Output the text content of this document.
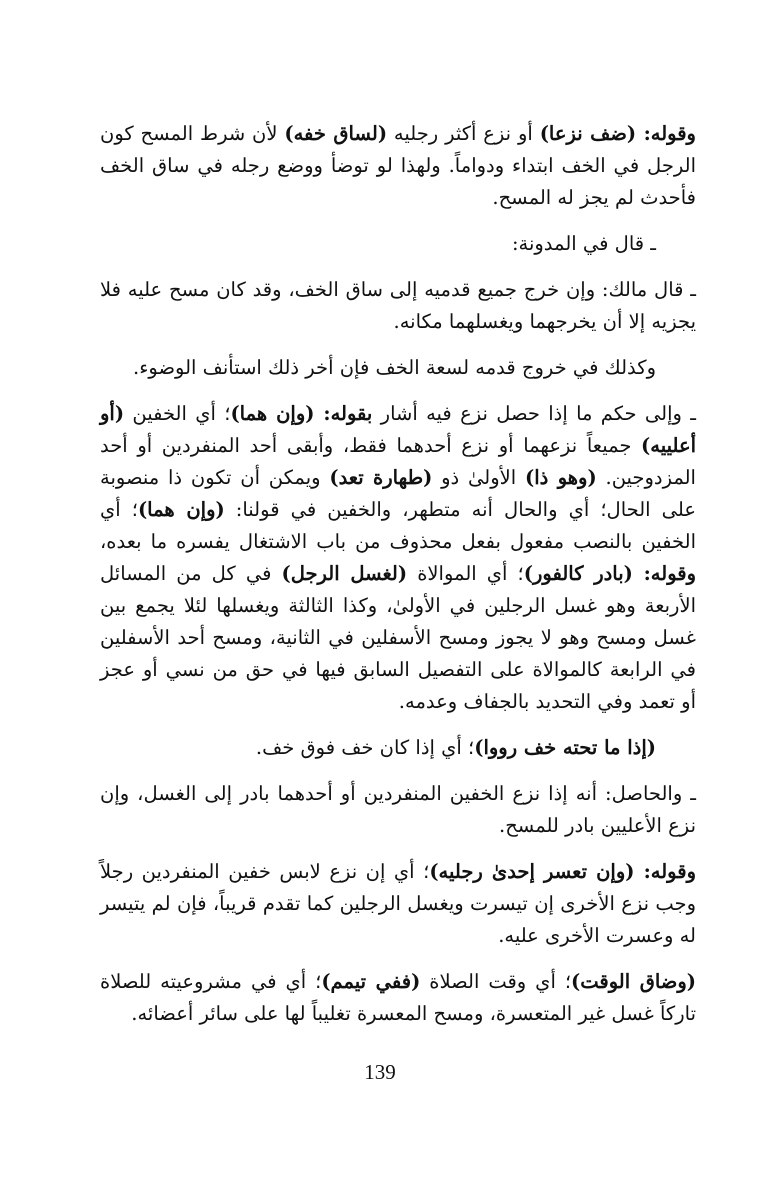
وقوله: (ضف نزعا) أو نزع أكثر رجليه (لساق خفه) لأن شرط المسح كون الرجل في الخف ابتداء ودواماً. ولهذا لو توضأ ووضع رجله في ساق الخف فأحدث لم يجز له المسح.

ـ قال في المدونة:

ـ قال مالك: وإن خرج جميع قدميه إلى ساق الخف، وقد كان مسح عليه فلا يجزيه إلا أن يخرجهما ويغسلهما مكانه.

وكذلك في خروج قدمه لسعة الخف فإن أخر ذلك استأنف الوضوء.

ـ وإلى حكم ما إذا حصل نزع فيه أشار بقوله: (وإن هما)؛ أي الخفين (أو أعلييه) جميعاً نزعهما أو نزع أحدهما فقط، وأبقى أحد المنفردين أو أحد المزدوجين. (وهو ذا) الأولىٰ ذو (طهارة تعد) ويمكن أن تكون ذا منصوبة على الحال؛ أي والحال أنه متطهر، والخفين في قولنا: (وإن هما)؛ أي الخفين بالنصب مفعول بفعل محذوف من باب الاشتغال يفسره ما بعده، وقوله: (بادر كالفور)؛ أي الموالاة (لغسل الرجل) في كل من المسائل الأربعة وهو غسل الرجلين في الأولىٰ، وكذا الثالثة ويغسلها لئلا يجمع بين غسل ومسح وهو لا يجوز ومسح الأسفلين في الثانية، ومسح أحد الأسفلين في الرابعة كالموالاة على التفصيل السابق فيها في حق من نسي أو عجز أو تعمد وفي التحديد بالجفاف وعدمه.

(إذا ما تحته خف رووا)؛ أي إذا كان خف فوق خف.

ـ والحاصل: أنه إذا نزع الخفين المنفردين أو أحدهما بادر إلى الغسل، وإن نزع الأعليين بادر للمسح.

وقوله: (وإن تعسر إحدىٰ رجليه)؛ أي إن نزع لابس خفين المنفردين رجلاً وجب نزع الأخرى إن تيسرت ويغسل الرجلين كما تقدم قريباً، فإن لم يتيسر له وعسرت الأخرى عليه.

(وضاق الوقت)؛ أي وقت الصلاة (ففي تيمم)؛ أي في مشروعيته للصلاة تاركاً غسل غير المتعسرة، ومسح المعسرة تغليباً لها على سائر أعضائه.

139
